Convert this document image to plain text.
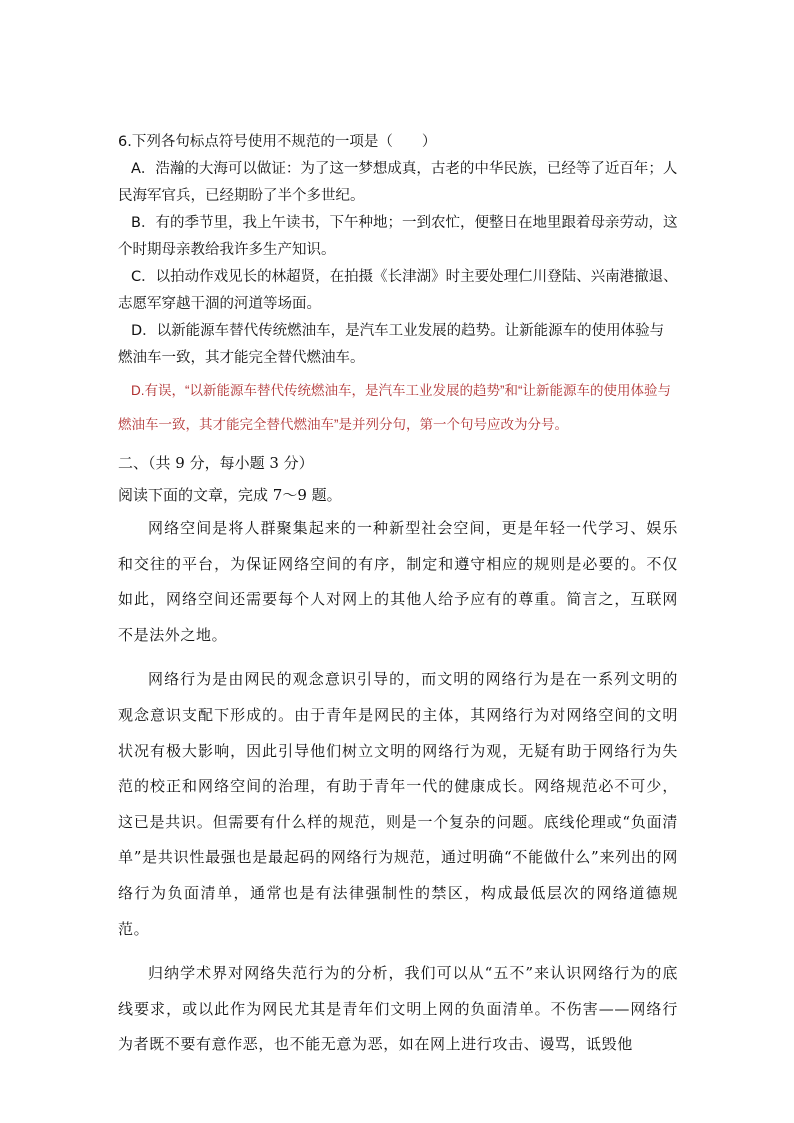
6.下列各句标点符号使用不规范的一项是（　　）

A．浩瀚的大海可以做证：为了这一梦想成真，古老的中华民族，已经等了近百年；人民海军官兵，已经期盼了半个多世纪。

B．有的季节里，我上午读书，下午种地；一到农忙，便整日在地里跟着母亲劳动，这个时期母亲教给我许多生产知识。

C．以拍动作戏见长的林超贤，在拍摄《长津湖》时主要处理仁川登陆、兴南港撤退、志愿军穿越干涸的河道等场面。

D．以新能源车替代传统燃油车，是汽车工业发展的趋势。让新能源车的使用体验与燃油车一致，其才能完全替代燃油车。

D.有误，“以新能源车替代传统燃油车，是汽车工业发展的趋势”和“让新能源车的使用体验与燃油车一致，其才能完全替代燃油车”是并列分句，第一个句号应改为分号。
二、（共 9 分，每小题 3 分）
阅读下面的文章，完成 7～9 题。

网络空间是将人群聚集起来的一种新型社会空间，更是年轻一代学习、娱乐和交往的平台，为保证网络空间的有序，制定和遵守相应的规则是必要的。不仅如此，网络空间还需要每个人对网上的其他人给予应有的尊重。简言之，互联网不是法外之地。

网络行为是由网民的观念意识引导的，而文明的网络行为是在一系列文明的观念意识支配下形成的。由于青年是网民的主体，其网络行为对网络空间的文明状况有极大影响，因此引导他们树立文明的网络行为观，无疑有助于网络行为失范的校正和网络空间的治理，有助于青年一代的健康成长。网络规范必不可少，这已是共识。但需要有什么样的规范，则是一个复杂的问题。底线伦理或“负面清单”是共识性最强也是最起码的网络行为规范，通过明确“不能做什么”来列出的网络行为负面清单，通常也是有法律强制性的禁区，构成最低层次的网络道德规范。

归纳学术界对网络失范行为的分析，我们可以从“五不”来认识网络行为的底线要求，或以此作为网民尤其是青年们文明上网的负面清单。不伤害——网络行为者既不要有意作恶，也不能无意为恶，如在网上进行攻击、谩骂，诋毁他
